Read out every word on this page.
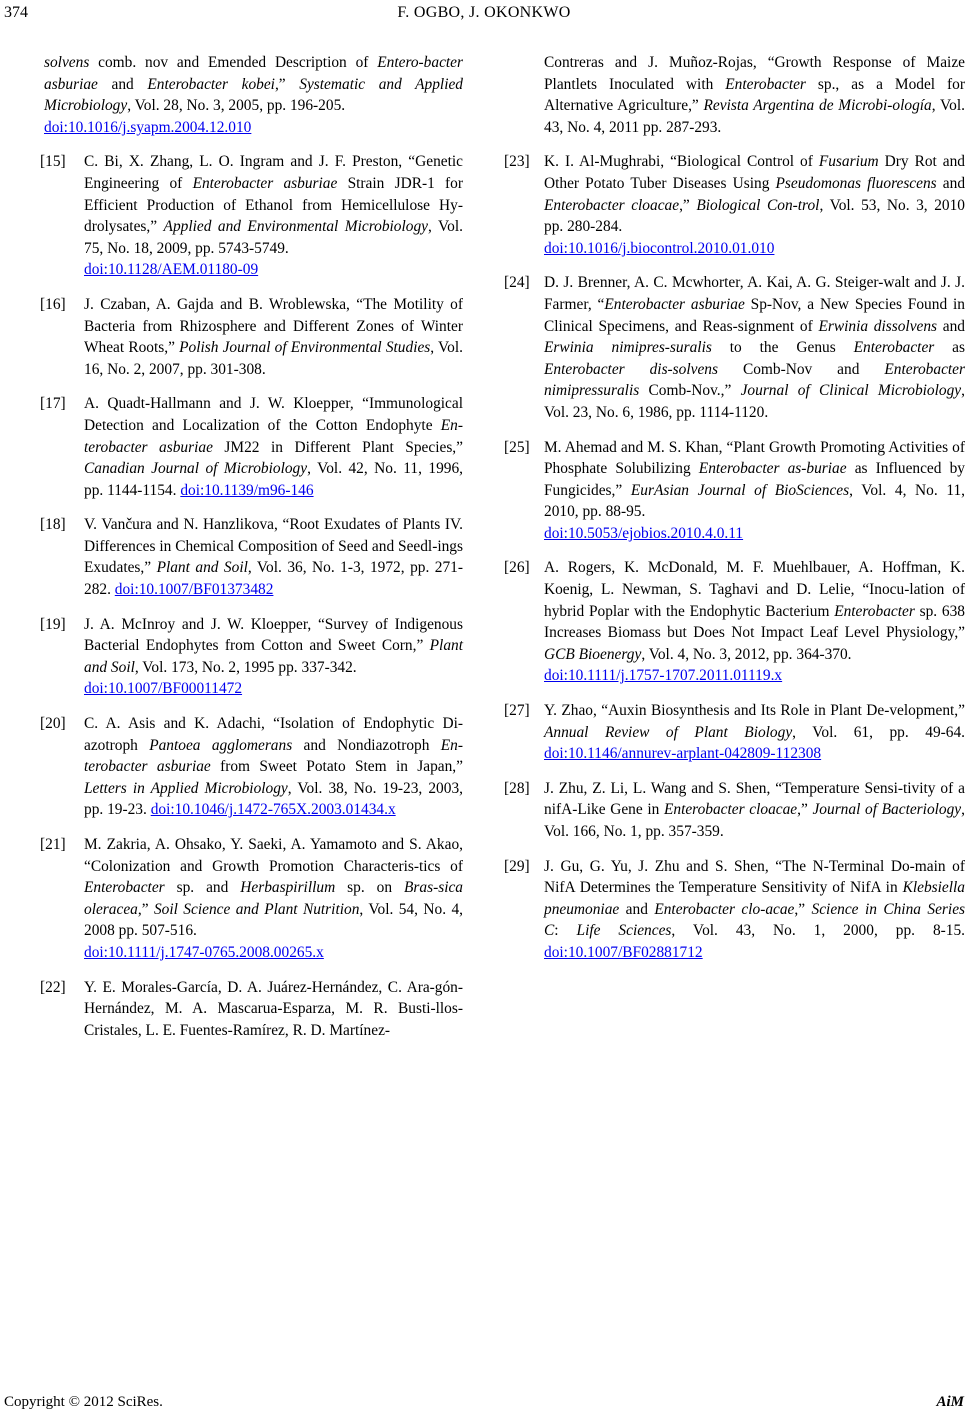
374	F. OGBO, J. OKONKWO
solvens comb. nov and Emended Description of Entero-bacter asburiae and Enterobacter kobei,” Systematic and Applied Microbiology, Vol. 28, No. 3, 2005, pp. 196-205.
doi:10.1016/j.syapm.2004.12.010
[15] C. Bi, X. Zhang, L. O. Ingram and J. F. Preston, “Genetic Engineering of Enterobacter asburiae Strain JDR-1 for Efficient Production of Ethanol from Hemicellulose Hy-drolysates,” Applied and Environmental Microbiology, Vol. 75, No. 18, 2009, pp. 5743-5749.
doi:10.1128/AEM.01180-09
[16] J. Czaban, A. Gajda and B. Wroblewska, “The Motility of Bacteria from Rhizosphere and Different Zones of Winter Wheat Roots,” Polish Journal of Environmental Studies, Vol. 16, No. 2, 2007, pp. 301-308.
[17] A. Quadt-Hallmann and J. W. Kloepper, “Immunological Detection and Localization of the Cotton Endophyte En-terobacter asburiae JM22 in Different Plant Species,” Canadian Journal of Microbiology, Vol. 42, No. 11, 1996, pp. 1144-1154. doi:10.1139/m96-146
[18] V. Vančura and N. Hanzlikova, “Root Exudates of Plants IV. Differences in Chemical Composition of Seed and Seedl-ings Exudates,” Plant and Soil, Vol. 36, No. 1-3, 1972, pp. 271-282. doi:10.1007/BF01373482
[19] J. A. McInroy and J. W. Kloepper, “Survey of Indigenous Bacterial Endophytes from Cotton and Sweet Corn,” Plant and Soil, Vol. 173, No. 2, 1995 pp. 337-342.
doi:10.1007/BF00011472
[20] C. A. Asis and K. Adachi, “Isolation of Endophytic Di-azotroph Pantoea agglomerans and Nondiazotroph En-terobacter asburiae from Sweet Potato Stem in Japan,” Letters in Applied Microbiology, Vol. 38, No. 19-23, 2003, pp. 19-23. doi:10.1046/j.1472-765X.2003.01434.x
[21] M. Zakria, A. Ohsako, Y. Saeki, A. Yamamoto and S. Akao, “Colonization and Growth Promotion Characteris-tics of Enterobacter sp. and Herbaspirillum sp. on Bras-sica oleracea,” Soil Science and Plant Nutrition, Vol. 54, No. 4, 2008 pp. 507-516.
doi:10.1111/j.1747-0765.2008.00265.x
[22] Y. E. Morales-García, D. A. Juárez-Hernández, C. Ara-gón-Hernández, M. A. Mascarua-Esparza, M. R. Busti-llos-Cristales, L. E. Fuentes-Ramírez, R. D. Martínez-
Contreras and J. Muñoz-Rojas, “Growth Response of Maize Plantlets Inoculated with Enterobacter sp., as a Model for Alternative Agriculture,” Revista Argentina de Microbi-ología, Vol. 43, No. 4, 2011 pp. 287-293.
[23] K. I. Al-Mughrabi, “Biological Control of Fusarium Dry Rot and Other Potato Tuber Diseases Using Pseudomonas fluorescens and Enterobacter cloacae,” Biological Con-trol, Vol. 53, No. 3, 2010 pp. 280-284.
doi:10.1016/j.biocontrol.2010.01.010
[24] D. J. Brenner, A. C. Mcwhorter, A. Kai, A. G. Steiger-walt and J. J. Farmer, “Enterobacter asburiae Sp-Nov, a New Species Found in Clinical Specimens, and Reas-signment of Erwinia dissolvens and Erwinia nimipres-suralis to the Genus Enterobacter as Enterobacter dis-solvens Comb-Nov and Enterobacter nimipressuralis Comb-Nov.,” Journal of Clinical Microbiology, Vol. 23, No. 6, 1986, pp. 1114-1120.
[25] M. Ahemad and M. S. Khan, “Plant Growth Promoting Activities of Phosphate Solubilizing Enterobacter as-buriae as Influenced by Fungicides,” EurAsian Journal of BioSciences, Vol. 4, No. 11, 2010, pp. 88-95.
doi:10.5053/ejobios.2010.4.0.11
[26] A. Rogers, K. McDonald, M. F. Muehlbauer, A. Hoffman, K. Koenig, L. Newman, S. Taghavi and D. Lelie, “Inocu-lation of hybrid Poplar with the Endophytic Bacterium Enterobacter sp. 638 Increases Biomass but Does Not Impact Leaf Level Physiology,” GCB Bioenergy, Vol. 4, No. 3, 2012, pp. 364-370.
doi:10.1111/j.1757-1707.2011.01119.x
[27] Y. Zhao, “Auxin Biosynthesis and Its Role in Plant De-velopment,” Annual Review of Plant Biology, Vol. 61, pp. 49-64. doi:10.1146/annurev-arplant-042809-112308
[28] J. Zhu, Z. Li, L. Wang and S. Shen, “Temperature Sensi-tivity of a nifA-Like Gene in Enterobacter cloacae,” Journal of Bacteriology, Vol. 166, No. 1, pp. 357-359.
[29] J. Gu, G. Yu, J. Zhu and S. Shen, “The N-Terminal Do-main of NifA Determines the Temperature Sensitivity of NifA in Klebsiella pneumoniae and Enterobacter clo-acae,” Science in China Series C: Life Sciences, Vol. 43, No. 1, 2000, pp. 8-15. doi:10.1007/BF02881712
Copyright © 2012 SciRes.	AiM
